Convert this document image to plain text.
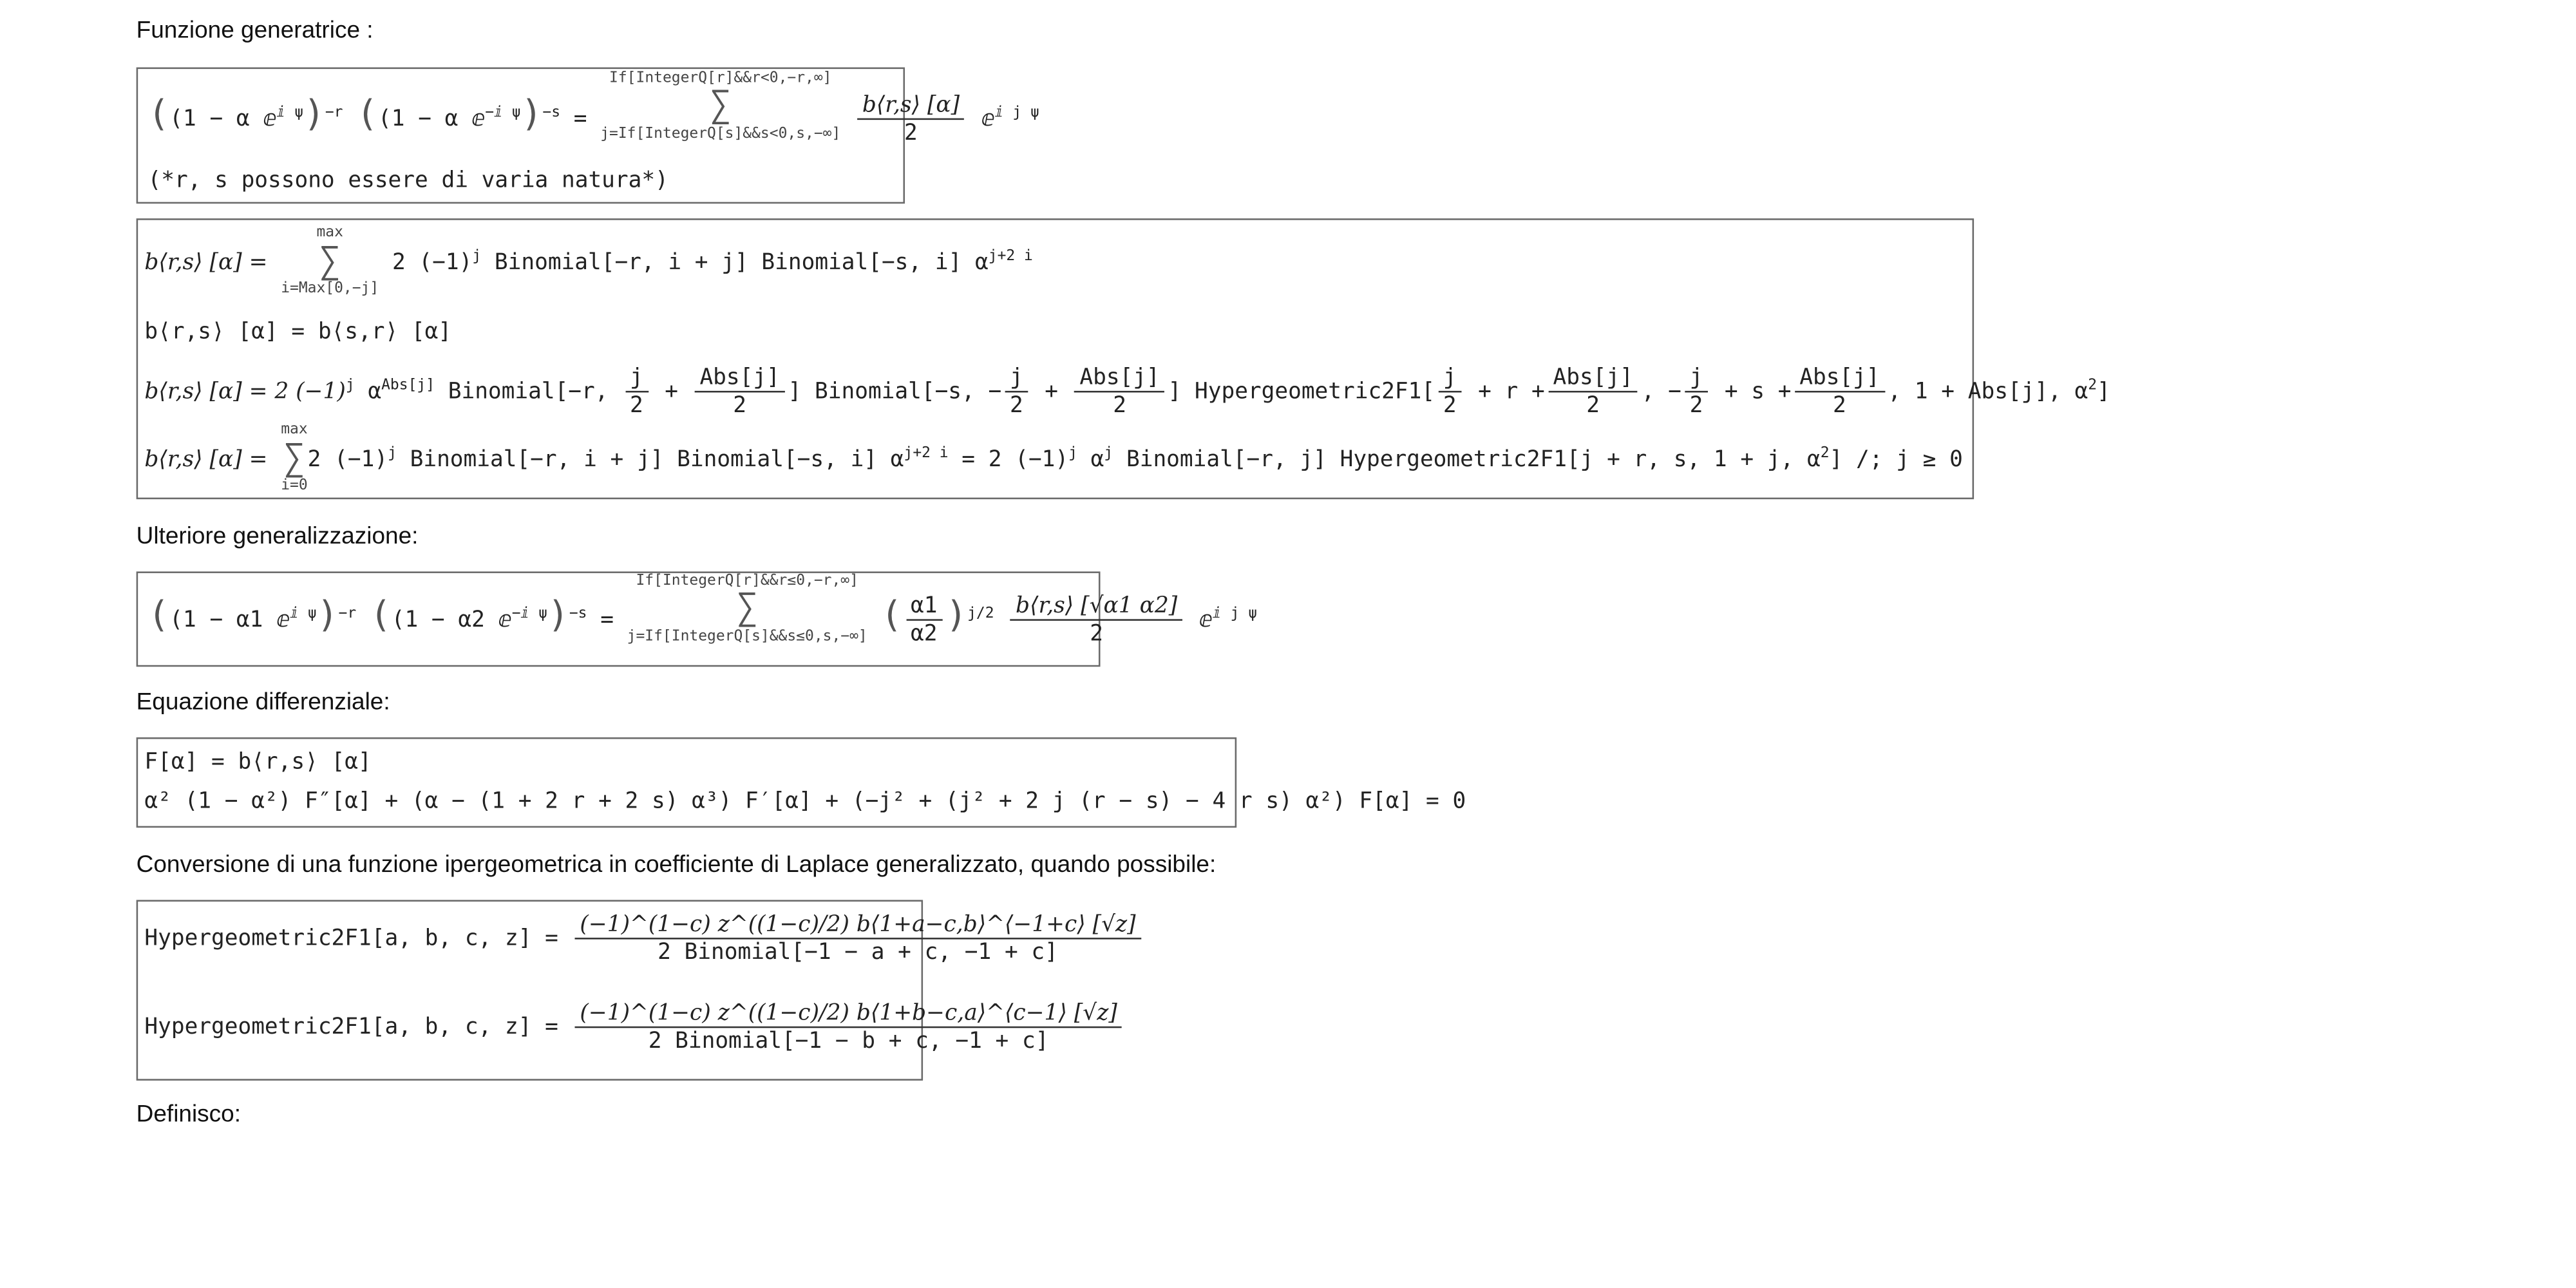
Funzione generatrice :
((1 − α ⅇ$^{ⅈ \psi}$)$^{-r}$ ((1 − α ⅇ$^{-ⅈ \psi}$)$^{-s}$ =
If[IntegerQ[r]&&r<0,−r,∞]
∑
j=If[IntegerQ[s]&&s<0,s,−∞]
$\frac{b⟨r,s⟩ [\alpha]}{2}$ ⅇ$^{ⅈ j \psi}$
(*r, s possono essere di varia natura*)
b⟨r,s⟩ [α] =
max
∑
i=Max[0,−j]
2 $(-1)^j$ Binomial[−r, i + j] Binomial[−s, i] $\alpha^{j+2 i}$
b⟨r,s⟩ [α] = b⟨s,r⟩ [α]
b⟨r,s⟩ [α] = 2 $(-1)^j$ $\alpha^{Abs[j]}$ Binomial[−r, $\frac{j}{2} + \frac{\text{Abs[j]}}{2}$ ] Binomial[−s, − $\frac{j}{2} + \frac{\text{Abs[j]}}{2}$ ] Hypergeometric2F1[ $\frac{j}{2} + r + \frac{\text{Abs[j]}}{2}$ , − $\frac{j}{2} + s + \frac{\text{Abs[j]}}{2}$ , 1 + Abs[j], $\alpha^2$]
b⟨r,s⟩ [α] =
max
∑
i=0
2 $(-1)^j$ Binomial[−r, i + j] Binomial[−s, i] $\alpha^{j+2 i} = 2$ $(-1)^j$ $\alpha^j$ Binomial[−r, j] Hypergeometric2F1[j + r, s, 1 + j, $\alpha^2$] /; j ≥ 0
Ulteriore generalizzazione:
((1 − α1 ⅇ$^{ⅈ \psi}$)$^{-r}$ ((1 − α2 ⅇ$^{-ⅈ \psi}$)$^{-s}$ =
If[IntegerQ[r]&&r≤0,−r,∞]
∑
j=If[IntegerQ[s]&&s≤0,s,−∞]
( $\frac{\alpha 1}{\alpha 2} )^{j/2} \frac{b⟨r,s⟩ [√\alpha 1 \alpha 2]}{2}$ ⅇ$^{ⅈ j \psi}$
Equazione differenziale:
F[α] = b⟨r,s⟩ [α]
α² (1 − α²) F″[α] + (α − (1 + 2 r + 2 s) α³) F′[α] + (−j² + (j² + 2 j (r − s) − 4 r s) α²) F[α] = 0
Conversione di una funzione ipergeometrica in coefficiente di Laplace generalizzato, quando possibile:
Hypergeometric2F1[a, b, c, $z] = \frac{(-1)\^{}(1-c) z\^{}((1-c)/2) b⟨1+a-c,b⟩\^{}⟨-1+c⟩ [√z]}{\text{2 Binomial[−1 − a + c, −1 + c]}}$
Hypergeometric2F1[a, b, c, $z] = \frac{(-1)\^{}(1-c) z\^{}((1-c)/2) b⟨1+b-c,a⟩\^{}⟨c-1⟩ [√z]}{\text{2 Binomial[−1 − b + c, −1 + c]}}$
Definisco:
